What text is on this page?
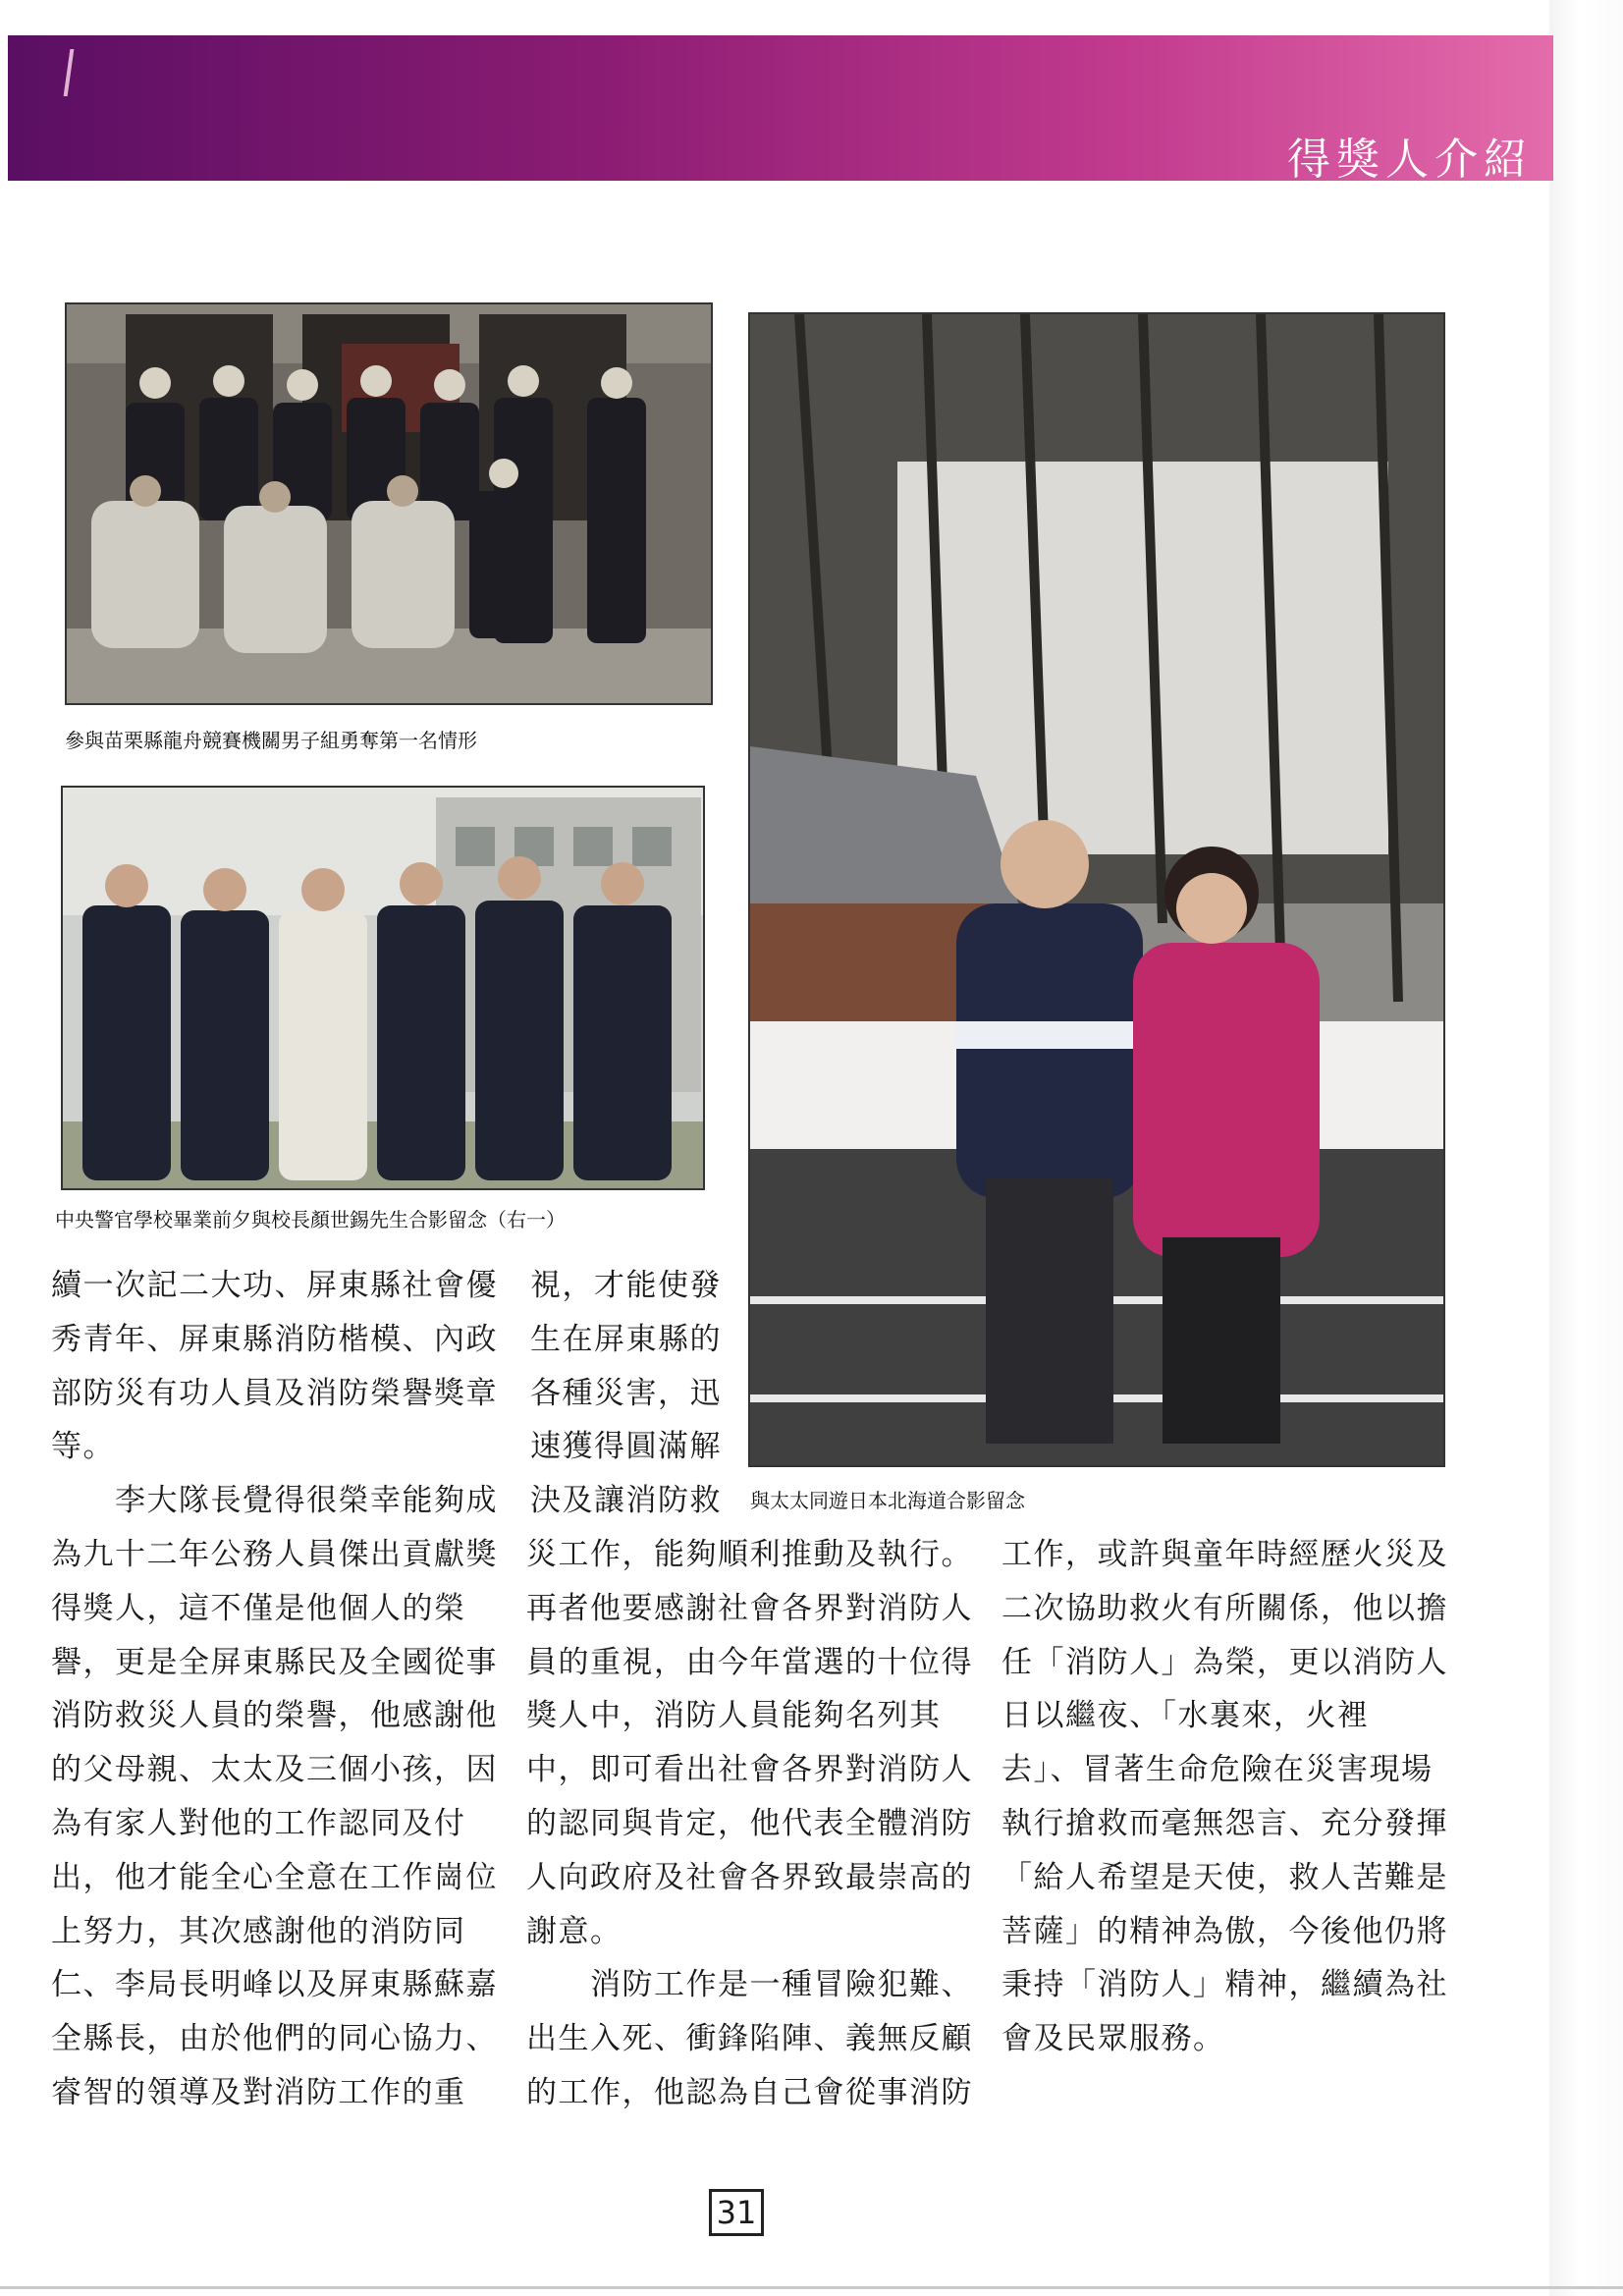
得獎人介紹

參與苗栗縣龍舟競賽機關男子組勇奪第一名情形

中央警官學校畢業前夕與校長顏世錫先生合影留念（右一）

與太太同遊日本北海道合影留念

續一次記二大功、屏東縣社會優

秀青年、屏東縣消防楷模、內政

部防災有功人員及消防榮譽獎章

等。

　　李大隊長覺得很榮幸能夠成

為九十二年公務人員傑出貢獻獎

得獎人，這不僅是他個人的榮

譽，更是全屏東縣民及全國從事

消防救災人員的榮譽，他感謝他

的父母親、太太及三個小孩，因

為有家人對他的工作認同及付

出，他才能全心全意在工作崗位

上努力，其次感謝他的消防同

仁、李局長明峰以及屏東縣蘇嘉

全縣長，由於他們的同心協力、

睿智的領導及對消防工作的重

視，才能使發

生在屏東縣的

各種災害，迅

速獲得圓滿解

決及讓消防救

災工作，能夠順利推動及執行。

再者他要感謝社會各界對消防人

員的重視，由今年當選的十位得

獎人中，消防人員能夠名列其

中，即可看出社會各界對消防人

的認同與肯定，他代表全體消防

人向政府及社會各界致最崇高的

謝意。

　　消防工作是一種冒險犯難、

出生入死、衝鋒陷陣、義無反顧

的工作，他認為自己會從事消防

工作，或許與童年時經歷火災及

二次協助救火有所關係，他以擔

任「消防人」為榮，更以消防人

日以繼夜、「水裏來，火裡

去」、冒著生命危險在災害現場

執行搶救而毫無怨言、充分發揮

「給人希望是天使，救人苦難是

菩薩」的精神為傲，今後他仍將

秉持「消防人」精神，繼續為社

會及民眾服務。

31
